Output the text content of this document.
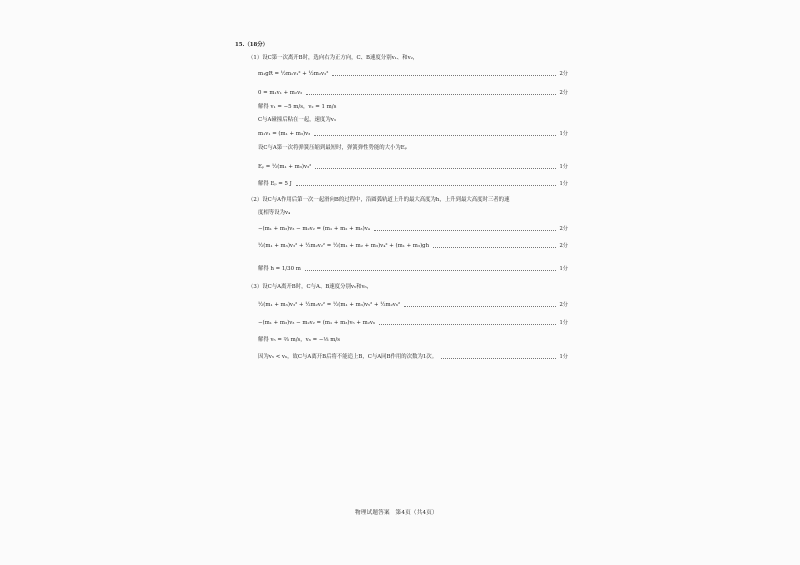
15.（18分）
（1）设C第一次离开B时，选向右为正方向，C、B速度分别v₁、和v₂，
m₁gR = ½m₁v₁² + ½m₂v₂²	2分
0 = m₁v₁ + m₂v₂	2分
解得 v₁ = −5 m/s，v₂ = 1 m/s
C与A碰撞后粘在一起，速度为v₃
m₁v₁ = (m₁ + m₃)v₃	1分
设C与A第一次将弹簧压缩到最短时，弹簧弹性势能的大小为Eₚ
Eₚ = ½(m₁ + m₃)v₃²	1分
解得 Eₚ = 5 J	1分
（2）设C与A作用后第一次一起滑向B的过程中，沿圆弧轨道上升的最大高度为h，上升到最大高度时三者的速
度相等设为v₄
−(m₁ + m₃)v₃ − m₂v₂ = (m₁ + m₂ + m₃)v₄	2分
½(m₁ + m₃)v₃² + ½m₂v₂² = ½(m₁ + m₂ + m₃)v₄² + (m₁ + m₃)gh	2分
解得 h = 1/30 m	1分
（3）设C与A离开B时，C与A、B速度分别v₅和v₆，
½(m₁ + m₃)v₃² + ½m₂v₂² = ½(m₁ + m₃)v₅² + ½m₂v₆²	2分
−(m₁ + m₃)v₃ − m₂v₂ = (m₁ + m₃)v₅ + m₂v₆	1分
解得 v₅ = ⅔ m/s，v₆ = −⅓ m/s
因为v₅ < v₆，故C与A离开B后将不能追上B，C与A同B作用的次数为1次。	1分
物理试题答案　第4页（共4页）
